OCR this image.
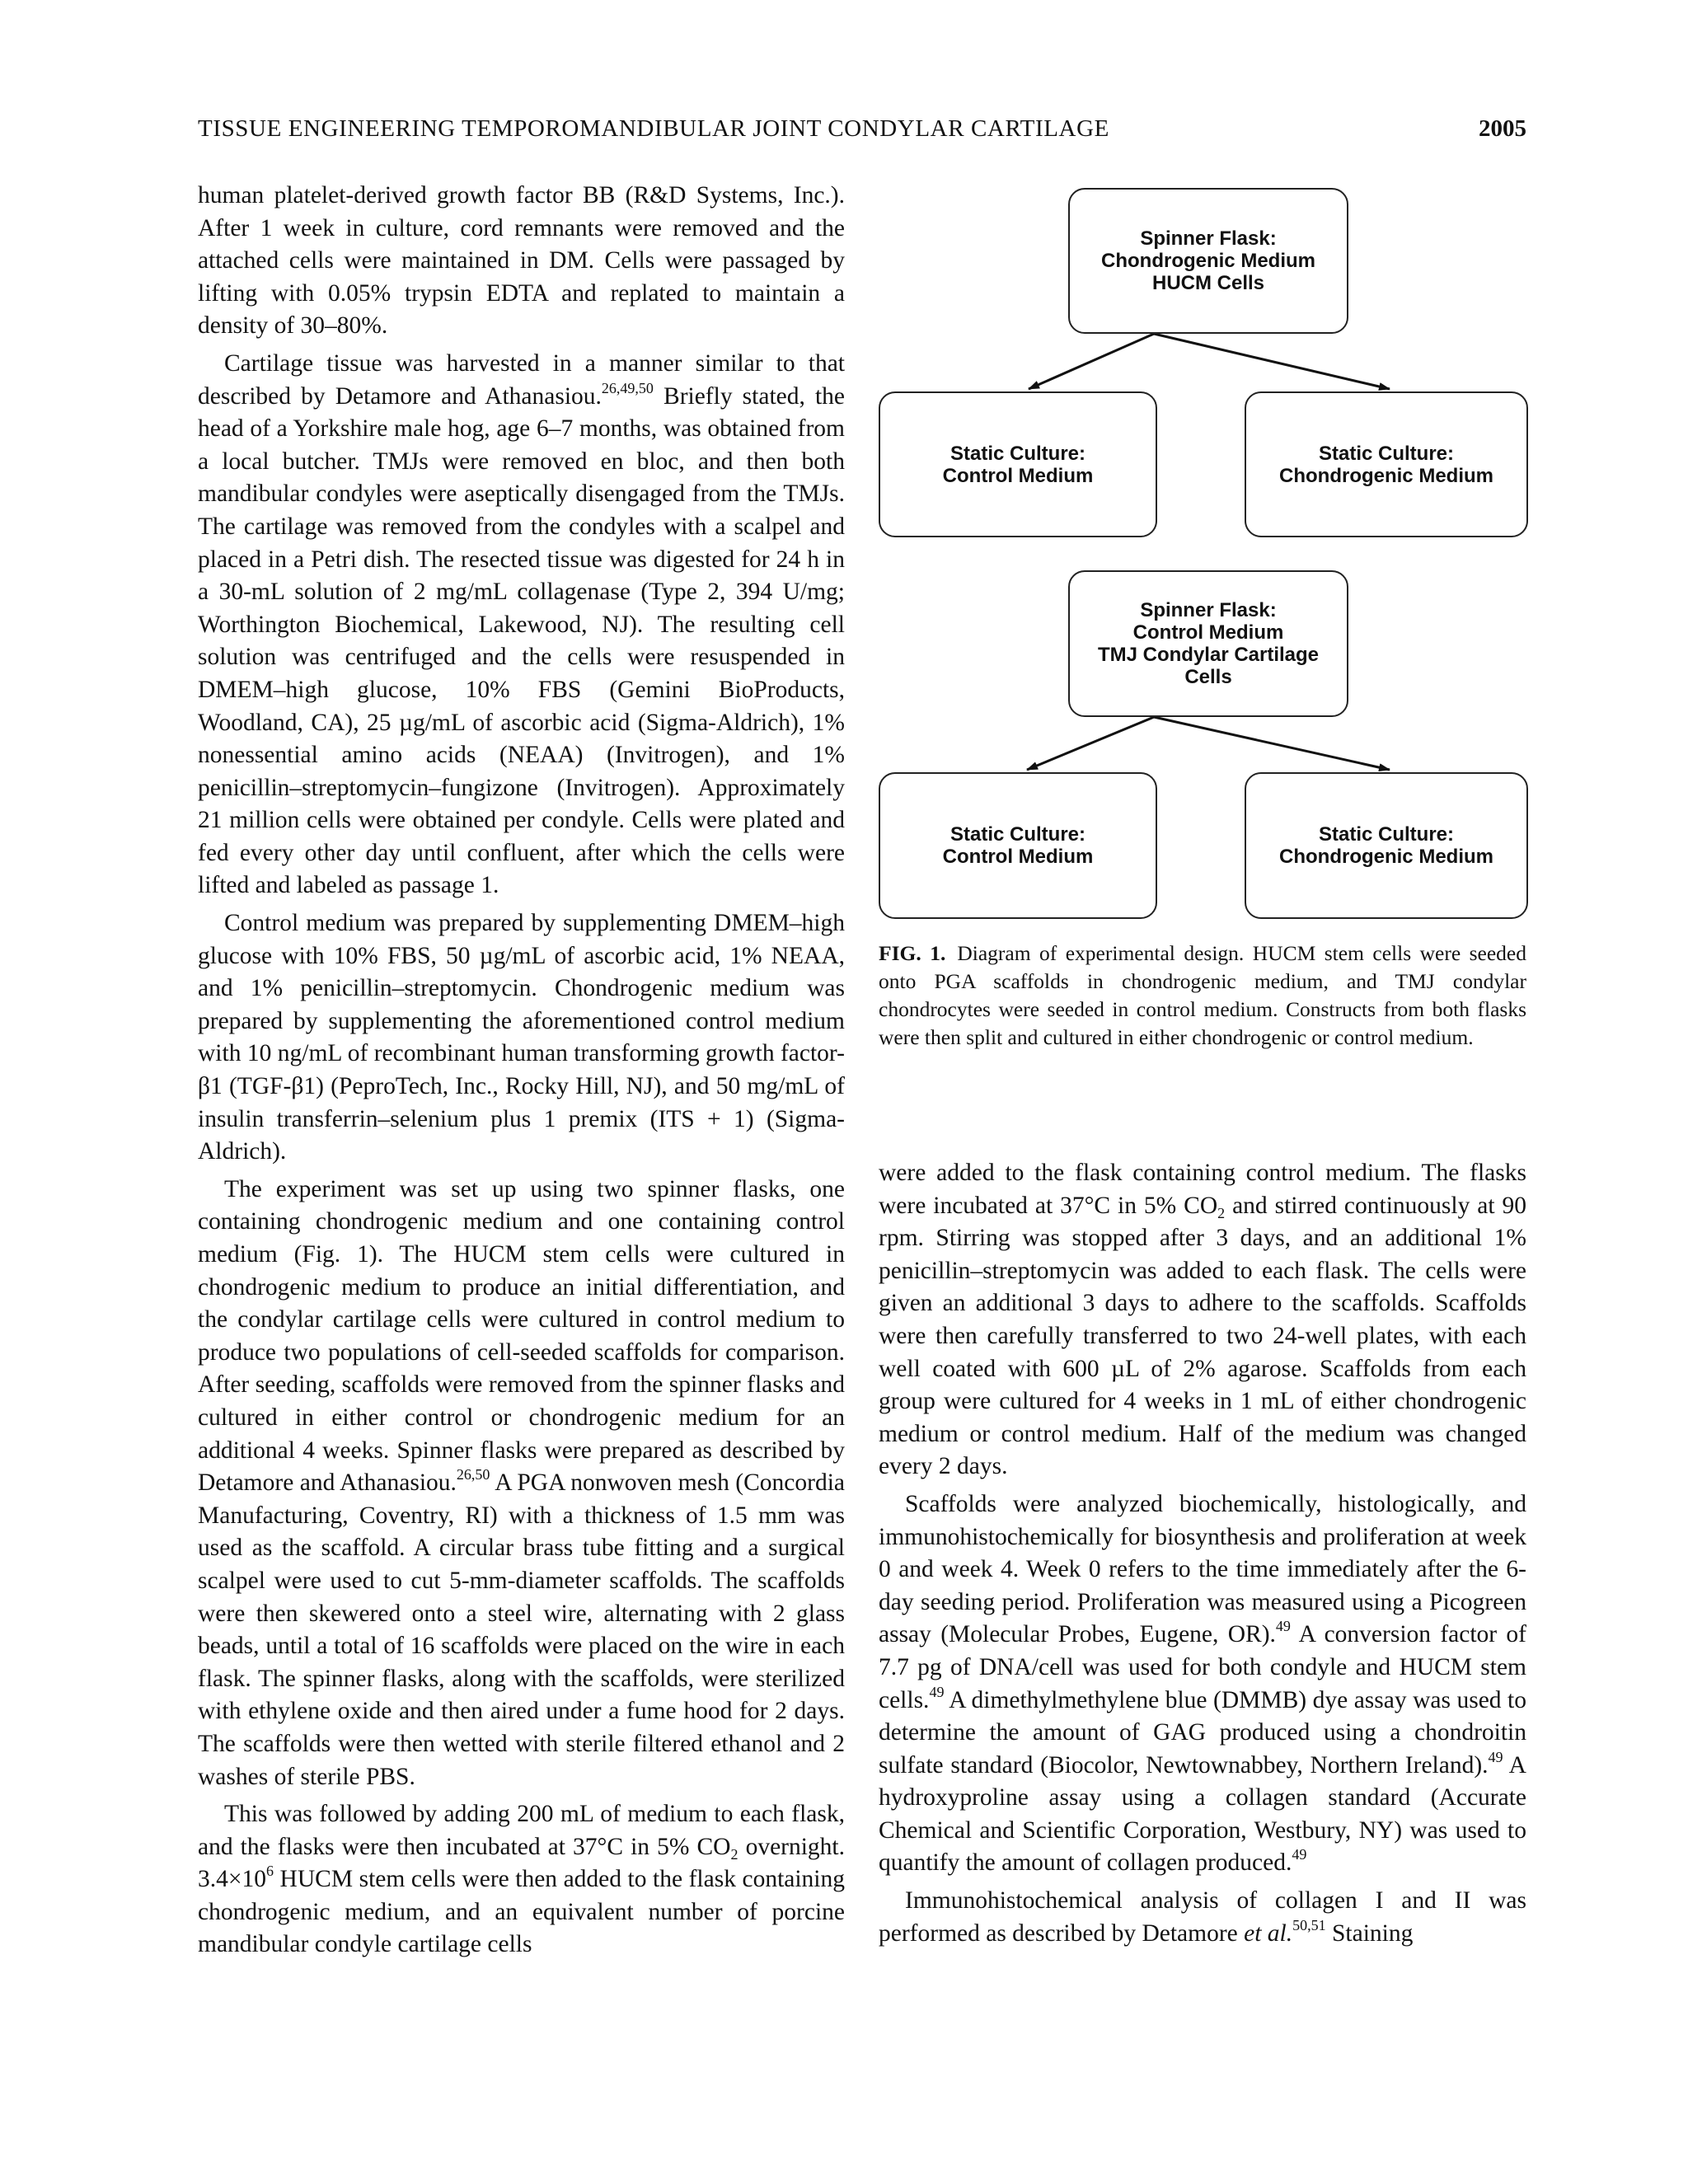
TISSUE ENGINEERING TEMPOROMANDIBULAR JOINT CONDYLAR CARTILAGE	2005

human platelet-derived growth factor BB (R&D Systems, Inc.). After 1 week in culture, cord remnants were removed and the attached cells were maintained in DM. Cells were passaged by lifting with 0.05% trypsin EDTA and replated to maintain a density of 30–80%.

Cartilage tissue was harvested in a manner similar to that described by Detamore and Athanasiou.$^{26,49,50}$ Briefly stated, the head of a Yorkshire male hog, age 6–7 months, was obtained from a local butcher. TMJs were removed en bloc, and then both mandibular condyles were aseptically disengaged from the TMJs. The cartilage was removed from the condyles with a scalpel and placed in a Petri dish. The resected tissue was digested for 24 h in a 30-mL solution of 2 mg/mL collagenase (Type 2, 394 U/mg; Worthington Biochemical, Lakewood, NJ). The resulting cell solution was centrifuged and the cells were resuspended in DMEM–high glucose, 10% FBS (Gemini BioProducts, Woodland, CA), 25 µg/mL of ascorbic acid (Sigma-Aldrich), 1% nonessential amino acids (NEAA) (Invitrogen), and 1% penicillin–streptomycin–fungizone (Invitrogen). Approximately 21 million cells were obtained per condyle. Cells were plated and fed every other day until confluent, after which the cells were lifted and labeled as passage 1.

Control medium was prepared by supplementing DMEM–high glucose with 10% FBS, 50 µg/mL of ascorbic acid, 1% NEAA, and 1% penicillin–streptomycin. Chondrogenic medium was prepared by supplementing the aforementioned control medium with 10 ng/mL of recombinant human transforming growth factor-β1 (TGF-β1) (PeproTech, Inc., Rocky Hill, NJ), and 50 mg/mL of insulin transferrin–selenium plus 1 premix (ITS + 1) (Sigma-Aldrich).

The experiment was set up using two spinner flasks, one containing chondrogenic medium and one containing control medium (Fig. 1). The HUCM stem cells were cultured in chondrogenic medium to produce an initial differentiation, and the condylar cartilage cells were cultured in control medium to produce two populations of cell-seeded scaffolds for comparison. After seeding, scaffolds were removed from the spinner flasks and cultured in either control or chondrogenic medium for an additional 4 weeks. Spinner flasks were prepared as described by Detamore and Athanasiou.$^{26,50}$ A PGA nonwoven mesh (Concordia Manufacturing, Coventry, RI) with a thickness of 1.5 mm was used as the scaffold. A circular brass tube fitting and a surgical scalpel were used to cut 5-mm-diameter scaffolds. The scaffolds were then skewered onto a steel wire, alternating with 2 glass beads, until a total of 16 scaffolds were placed on the wire in each flask. The spinner flasks, along with the scaffolds, were sterilized with ethylene oxide and then aired under a fume hood for 2 days. The scaffolds were then wetted with sterile filtered ethanol and 2 washes of sterile PBS.

This was followed by adding 200 mL of medium to each flask, and the flasks were then incubated at 37°C in 5% $CO_2$ overnight. $3.4\times 10^6$ HUCM stem cells were then added to the flask containing chondrogenic medium, and an equivalent number of porcine mandibular condyle cartilage cells

Spinner Flask:
Chondrogenic Medium
HUCM Cells
Static Culture:
Control Medium
Static Culture:
Chondrogenic Medium
Spinner Flask:
Control Medium
TMJ Condylar Cartilage
Cells
Static Culture:
Control Medium
Static Culture:
Chondrogenic Medium
FIG. 1. Diagram of experimental design. HUCM stem cells were seeded onto PGA scaffolds in chondrogenic medium, and TMJ condylar chondrocytes were seeded in control medium. Constructs from both flasks were then split and cultured in either chondrogenic or control medium.

were added to the flask containing control medium. The flasks were incubated at 37°C in 5% $CO_2$ and stirred continuously at 90 rpm. Stirring was stopped after 3 days, and an additional 1% penicillin–streptomycin was added to each flask. The cells were given an additional 3 days to adhere to the scaffolds. Scaffolds were then carefully transferred to two 24-well plates, with each well coated with 600 µL of 2% agarose. Scaffolds from each group were cultured for 4 weeks in 1 mL of either chondrogenic medium or control medium. Half of the medium was changed every 2 days.

Scaffolds were analyzed biochemically, histologically, and immunohistochemically for biosynthesis and proliferation at week 0 and week 4. Week 0 refers to the time immediately after the 6-day seeding period. Proliferation was measured using a Picogreen assay (Molecular Probes, Eugene, OR).$^{49}$ A conversion factor of 7.7 pg of DNA/cell was used for both condyle and HUCM stem cells.$^{49}$ A dimethylmethylene blue (DMMB) dye assay was used to determine the amount of GAG produced using a chondroitin sulfate standard (Biocolor, Newtownabbey, Northern Ireland).$^{49}$ A hydroxyproline assay using a collagen standard (Accurate Chemical and Scientific Corporation, Westbury, NY) was used to quantify the amount of collagen produced.$^{49}$

Immunohistochemical analysis of collagen I and II was performed as described by Detamore et al.$^{50,51}$ Staining
